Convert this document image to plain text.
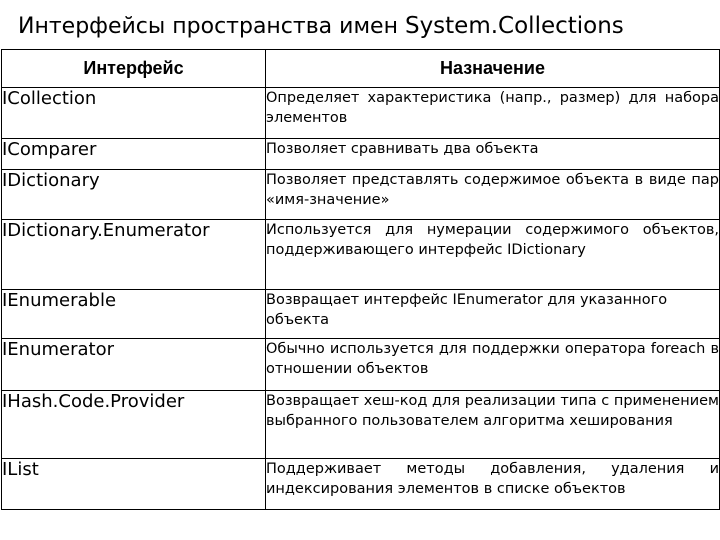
Интерфейсы пространства имен System.Collections
Интерфейс	Назначение
ICollection	Определяет характеристика (напр., размер) для набора элементов
IComparer	Позволяет сравнивать два объекта
IDictionary	Позволяет представлять содержимое объекта в виде пар «имя-значение»
IDictionary.Enumerator	Используется для нумерации содержимого объектов, поддерживающего интерфейс IDictionary
IEnumerable	Возвращает интерфейс IEnumerator для указанного объекта
IEnumerator	Обычно используется для поддержки оператора foreach в отношении объектов
IHash.Code.Provider	Возвращает хеш-код для реализации типа с применением выбранного пользователем алгоритма хеширования
IList	Поддерживает методы добавления, удаления и индексирования элементов в списке объектов
